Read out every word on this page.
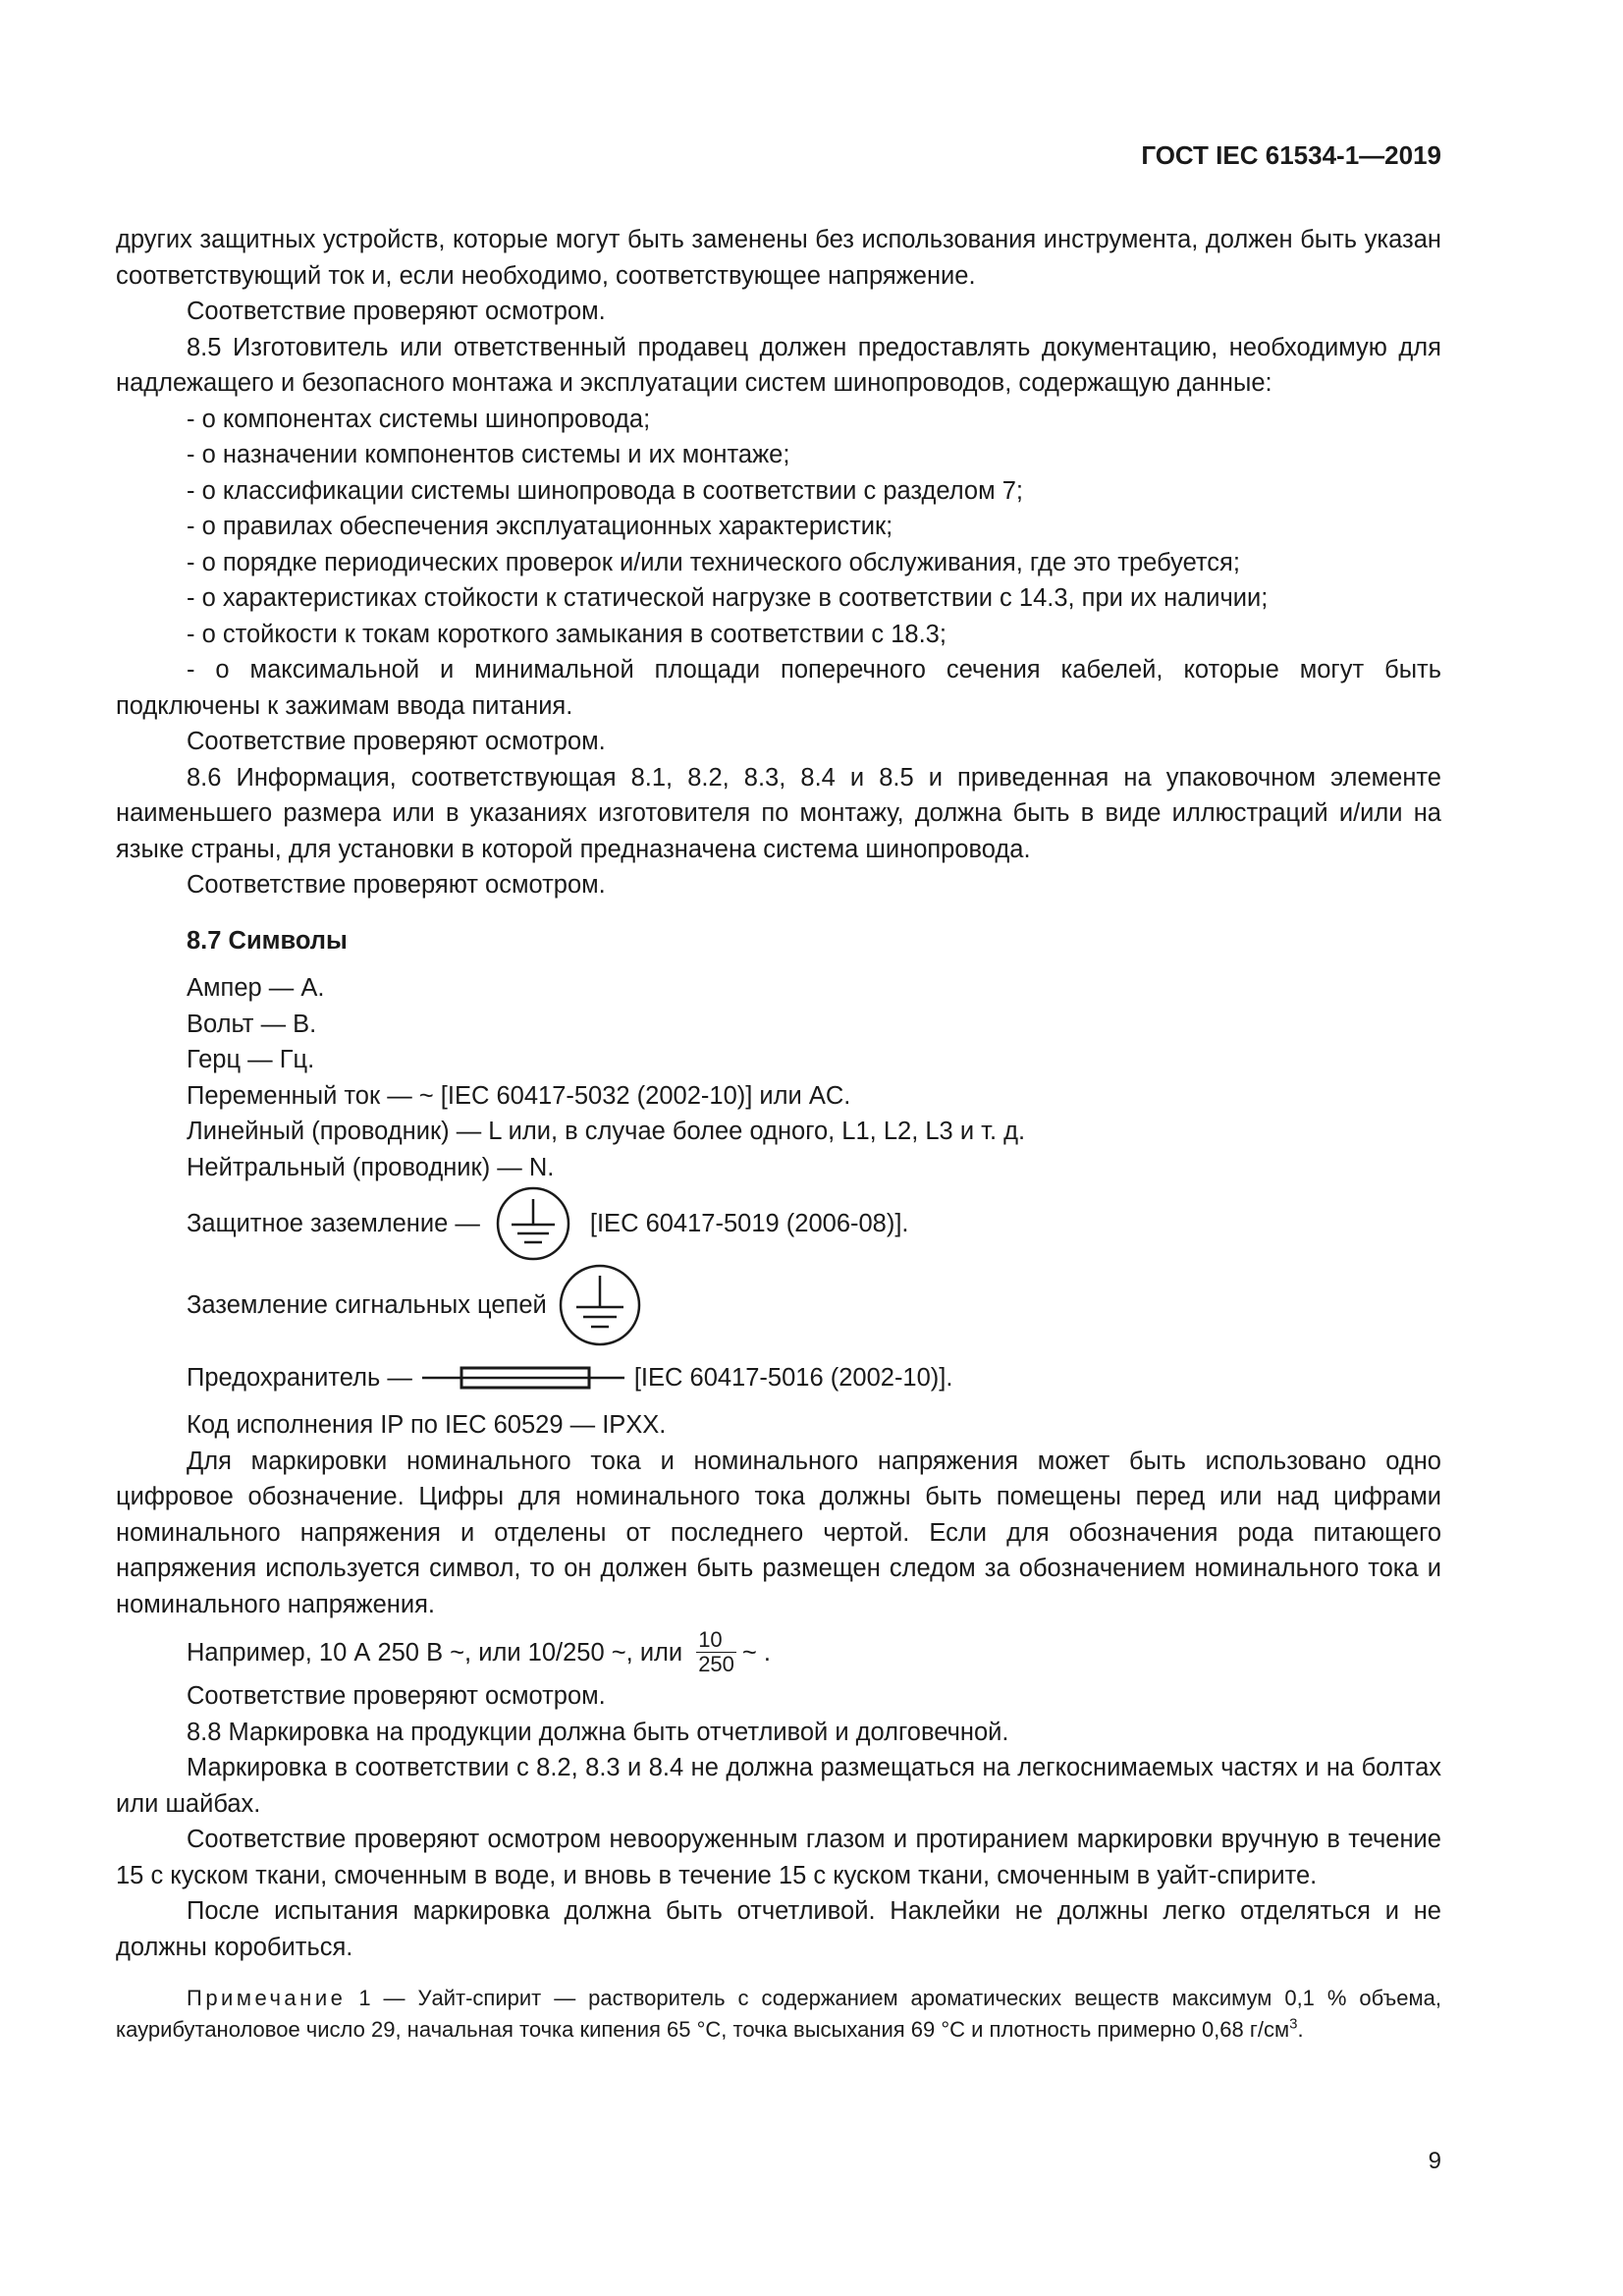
ГОСТ IEC 61534-1—2019

других защитных устройств, которые могут быть заменены без использования инструмента, должен быть указан соответствующий ток и, если необходимо, соответствующее напряжение.

Соответствие проверяют осмотром.

8.5 Изготовитель или ответственный продавец должен предоставлять документацию, необходимую для надлежащего и безопасного монтажа и эксплуатации систем шинопроводов, содержащую данные:

- о компонентах системы шинопровода;

- о назначении компонентов системы и их монтаже;

- о классификации системы шинопровода в соответствии с разделом 7;

- о правилах обеспечения эксплуатационных характеристик;

- о порядке периодических проверок и/или технического обслуживания, где это требуется;

- о характеристиках стойкости к статической нагрузке в соответствии с 14.3, при их наличии;

- о стойкости к токам короткого замыкания в соответствии с 18.3;

- о максимальной и минимальной площади поперечного сечения кабелей, которые могут быть подключены к зажимам ввода питания.

Соответствие проверяют осмотром.

8.6 Информация, соответствующая 8.1, 8.2, 8.3, 8.4 и 8.5 и приведенная на упаковочном элементе наименьшего размера или в указаниях изготовителя по монтажу, должна быть в виде иллюстраций и/или на языке страны, для установки в которой предназначена система шинопровода.

Соответствие проверяют осмотром.

8.7 Символы

Ампер — А.

Вольт — В.

Герц — Гц.

Переменный ток — ~ [IEC 60417-5032 (2002-10)] или AC.

Линейный (проводник) — L или, в случае более одного, L1, L2, L3 и т. д.

Нейтральный (проводник) — N.

Защитное заземление —	[IEC 60417-5019 (2006-08)].
Заземление сигнальных цепей
Предохранитель —	[IEC 60417-5016 (2002-10)].

Код исполнения IP по IEC 60529 — IPXX.

Для маркировки номинального тока и номинального напряжения может быть использовано одно цифровое обозначение. Цифры для номинального тока должны быть помещены перед или над цифрами номинального напряжения и отделены от последнего чертой. Если для обозначения рода питающего напряжения используется символ, то он должен быть размещен следом за обозначением номинального тока и номинального напряжения.

Например, 10 А 250 В ~, или 10/250 ~, или $\frac{10}{250}$ ~ .

Соответствие проверяют осмотром.

8.8 Маркировка на продукции должна быть отчетливой и долговечной.

Маркировка в соответствии с 8.2, 8.3 и 8.4 не должна размещаться на легкоснимаемых частях и на болтах или шайбах.

Соответствие проверяют осмотром невооруженным глазом и протиранием маркировки вручную в течение 15 с куском ткани, смоченным в воде, и вновь в течение 15 с куском ткани, смоченным в уайт-спирите.

После испытания маркировка должна быть отчетливой. Наклейки не должны легко отделяться и не должны коробиться.

Примечание 1 — Уайт-спирит — растворитель с содержанием ароматических веществ максимум 0,1 % объема, каурибутаноловое число 29, начальная точка кипения 65 °С, точка высыхания 69 °С и плотность примерно 0,68 $г/см^3$.

9
